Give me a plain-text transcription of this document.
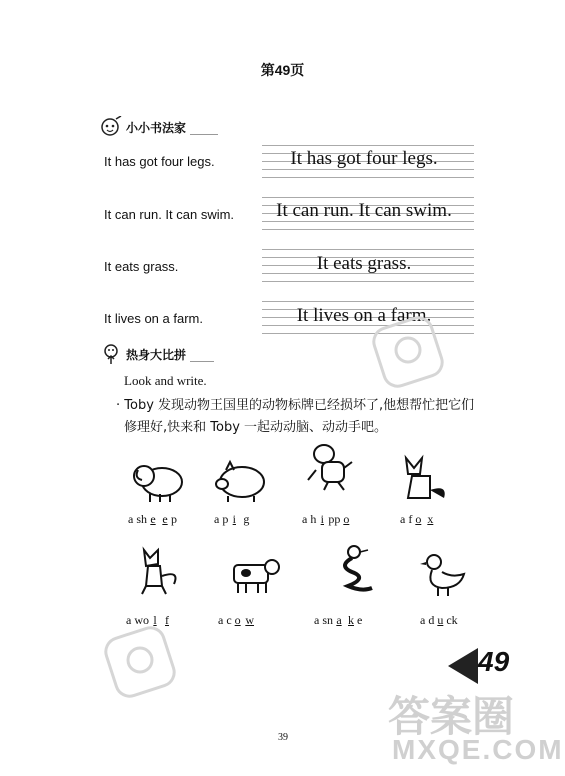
第49页
小小书法家
It has got four legs.	It has got four legs.
It can run. It can swim.	It can run. It can swim.
It eats grass.	It eats grass.
It lives on a farm.	It lives on a farm.
热身大比拼
Look and write.
· Toby 发现动物王国里的动物标牌已经损坏了,他想帮忙把它们
修理好,快来和 Toby 一起动动脑、动动手吧。
a sh e e p	a p i g	a h i pp o	a f o x
a wo l f	a c o w	a sn a k e	a d u ck
49
答案圈
MXQE.COM
39
